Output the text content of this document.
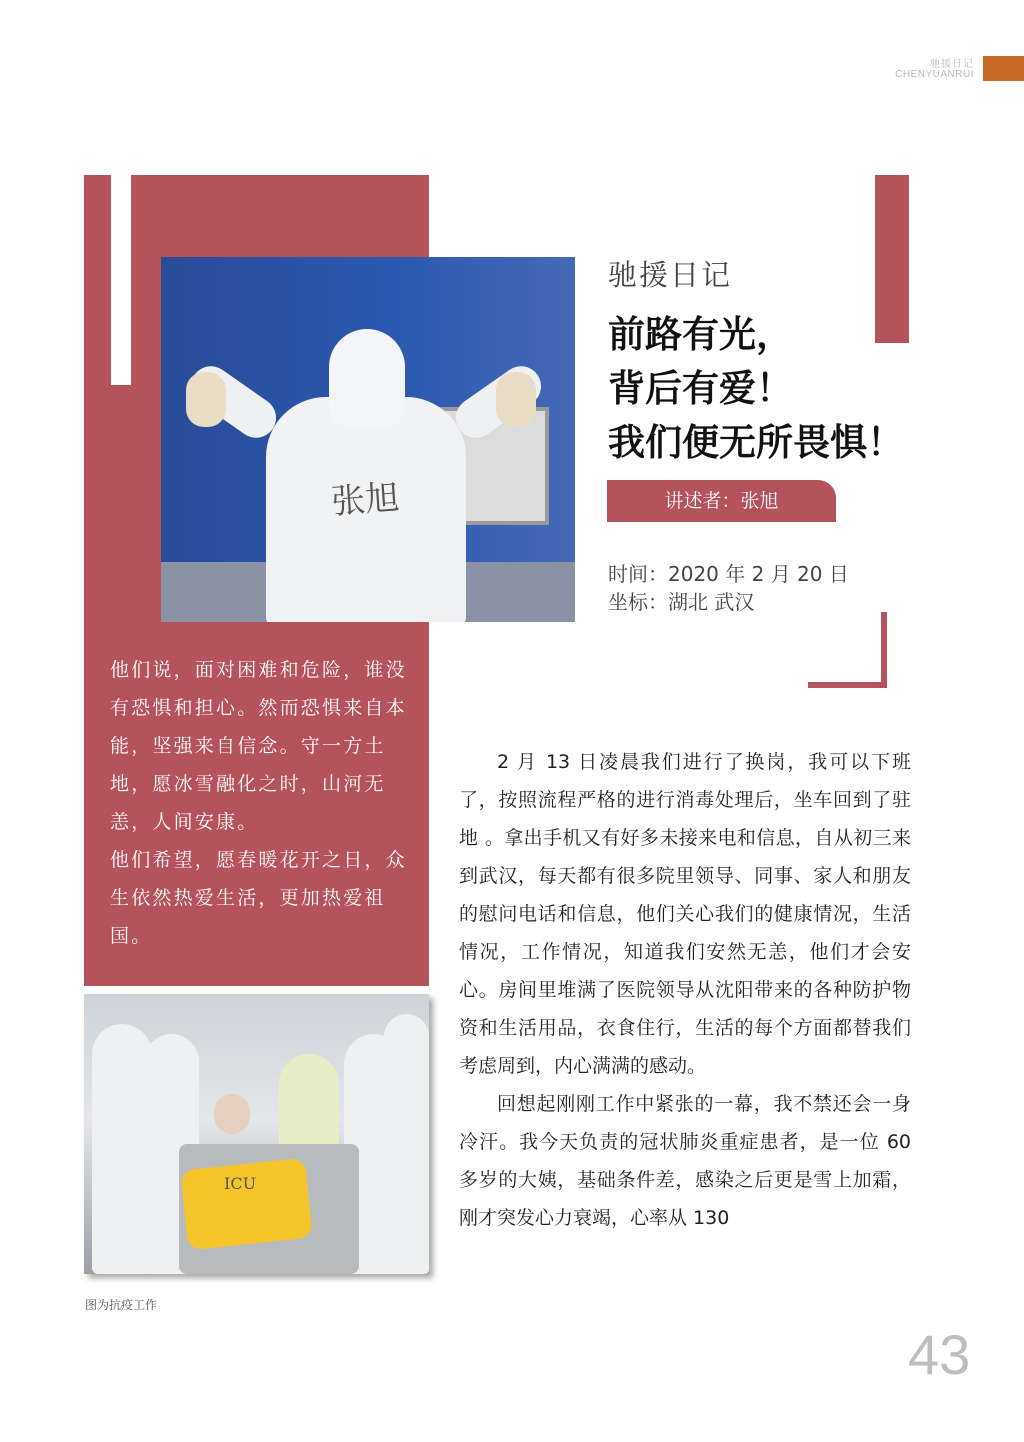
驰援日记
CHENYUANRUI
张旭

他们说，面对困难和危险，谁没有恐惧和担心。然而恐惧来自本能，坚强来自信念。守一方土地，愿冰雪融化之时，山河无恙，人间安康。

他们希望，愿春暖花开之日，众生依然热爱生活，更加热爱祖国。

ICU
图为抗疫工作
驰援日记
前路有光，
背后有爱！
我们便无所畏惧！
讲述者：张旭
时间：2020 年 2 月 20 日
坐标：湖北 武汉

2 月 13 日凌晨我们进行了换岗，我可以下班了，按照流程严格的进行消毒处理后，坐车回到了驻地 。拿出手机又有好多未接来电和信息，自从初三来到武汉，每天都有很多院里领导、同事、家人和朋友的慰问电话和信息，他们关心我们的健康情况，生活情况，工作情况，知道我们安然无恙，他们才会安心。房间里堆满了医院领导从沈阳带来的各种防护物资和生活用品，衣食住行，生活的每个方面都替我们考虑周到，内心满满的感动。

回想起刚刚工作中紧张的一幕，我不禁还会一身冷汗。我今天负责的冠状肺炎重症患者，是一位 60 多岁的大姨，基础条件差，感染之后更是雪上加霜，刚才突发心力衰竭，心率从 130

43
